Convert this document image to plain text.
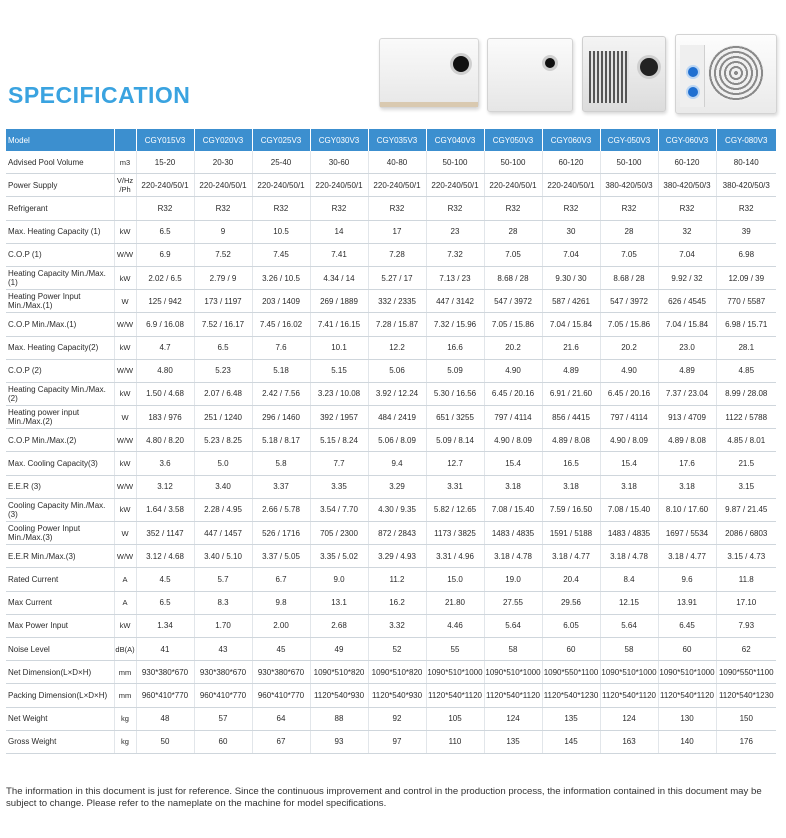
SPECIFICATION
Model		CGY015V3	CGY020V3	CGY025V3	CGY030V3	CGY035V3	CGY040V3	CGY050V3	CGY060V3	CGY-050V3	CGY-060V3	CGY-080V3
Advised Pool Volume	m3	15-20	20-30	25-40	30-60	40-80	50-100	50-100	60-120	50-100	60-120	80-140
Power Supply	V/Hz /Ph	220-240/50/1	220-240/50/1	220-240/50/1	220-240/50/1	220-240/50/1	220-240/50/1	220-240/50/1	220-240/50/1	380-420/50/3	380-420/50/3	380-420/50/3
Refrigerant		R32	R32	R32	R32	R32	R32	R32	R32	R32	R32	R32
Max. Heating Capacity (1)	kW	6.5	9	10.5	14	17	23	28	30	28	32	39
C.O.P (1)	W/W	6.9	7.52	7.45	7.41	7.28	7.32	7.05	7.04	7.05	7.04	6.98
Heating Capacity Min./Max.(1)	kW	2.02 / 6.5	2.79 / 9	3.26 / 10.5	4.34 / 14	5.27 / 17	7.13 / 23	8.68 / 28	9.30 / 30	8.68 / 28	9.92 / 32	12.09 / 39
Heating Power Input Min./Max.(1)	W	125 / 942	173 / 1197	203 / 1409	269 / 1889	332 / 2335	447 / 3142	547 / 3972	587 / 4261	547 / 3972	626 / 4545	770 / 5587
C.O.P Min./Max.(1)	W/W	6.9 / 16.08	7.52 / 16.17	7.45 / 16.02	7.41 / 16.15	7.28 / 15.87	7.32 / 15.96	7.05 / 15.86	7.04 / 15.84	7.05 / 15.86	7.04 / 15.84	6.98 / 15.71
Max. Heating Capacity(2)	kW	4.7	6.5	7.6	10.1	12.2	16.6	20.2	21.6	20.2	23.0	28.1
C.O.P (2)	W/W	4.80	5.23	5.18	5.15	5.06	5.09	4.90	4.89	4.90	4.89	4.85
Heating Capacity Min./Max.(2)	kW	1.50 / 4.68	2.07 / 6.48	2.42 / 7.56	3.23 / 10.08	3.92 / 12.24	5.30 / 16.56	6.45 / 20.16	6.91 / 21.60	6.45 / 20.16	7.37 / 23.04	8.99 / 28.08
Heating power input Min./Max.(2)	W	183 / 976	251 / 1240	296 / 1460	392 / 1957	484 / 2419	651 / 3255	797 / 4114	856 / 4415	797 / 4114	913 / 4709	1122 / 5788
C.O.P Min./Max.(2)	W/W	4.80 / 8.20	5.23 / 8.25	5.18 / 8.17	5.15 / 8.24	5.06 / 8.09	5.09 / 8.14	4.90 / 8.09	4.89 / 8.08	4.90 / 8.09	4.89 / 8.08	4.85 / 8.01
Max. Cooling Capacity(3)	kW	3.6	5.0	5.8	7.7	9.4	12.7	15.4	16.5	15.4	17.6	21.5
E.E.R (3)	W/W	3.12	3.40	3.37	3.35	3.29	3.31	3.18	3.18	3.18	3.18	3.15
Cooling Capacity Min./Max.(3)	kW	1.64 / 3.58	2.28 / 4.95	2.66 / 5.78	3.54 / 7.70	4.30 / 9.35	5.82 / 12.65	7.08 / 15.40	7.59 / 16.50	7.08 / 15.40	8.10 / 17.60	9.87 / 21.45
Cooling Power Input Min./Max.(3)	W	352 / 1147	447 / 1457	526 / 1716	705 / 2300	872 / 2843	1173 / 3825	1483 / 4835	1591 / 5188	1483 / 4835	1697 / 5534	2086 / 6803
E.E.R Min./Max.(3)	W/W	3.12 / 4.68	3.40 / 5.10	3.37 / 5.05	3.35 / 5.02	3.29 / 4.93	3.31 / 4.96	3.18 / 4.78	3.18 / 4.77	3.18 / 4.78	3.18 / 4.77	3.15 / 4.73
Rated Current	A	4.5	5.7	6.7	9.0	11.2	15.0	19.0	20.4	8.4	9.6	11.8
Max Current	A	6.5	8.3	9.8	13.1	16.2	21.80	27.55	29.56	12.15	13.91	17.10
Max Power Input	kW	1.34	1.70	2.00	2.68	3.32	4.46	5.64	6.05	5.64	6.45	7.93
Noise Level	dB(A)	41	43	45	49	52	55	58	60	58	60	62
Net Dimension(L×D×H)	mm	930*380*670	930*380*670	930*380*670	1090*510*820	1090*510*820	1090*510*1000	1090*510*1000	1090*550*1100	1090*510*1000	1090*510*1000	1090*550*1100
Packing Dimension(L×D×H)	mm	960*410*770	960*410*770	960*410*770	1120*540*930	1120*540*930	1120*540*1120	1120*540*1120	1120*540*1230	1120*540*1120	1120*540*1120	1120*540*1230
Net Weight	kg	48	57	64	88	92	105	124	135	124	130	150
Gross Weight	kg	50	60	67	93	97	110	135	145	163	140	176
The information in this document is just for reference. Since the continuous improvement and control in the production process, the information contained in this document may be subject to change. Please refer to the nameplate on the machine for model specifications.
